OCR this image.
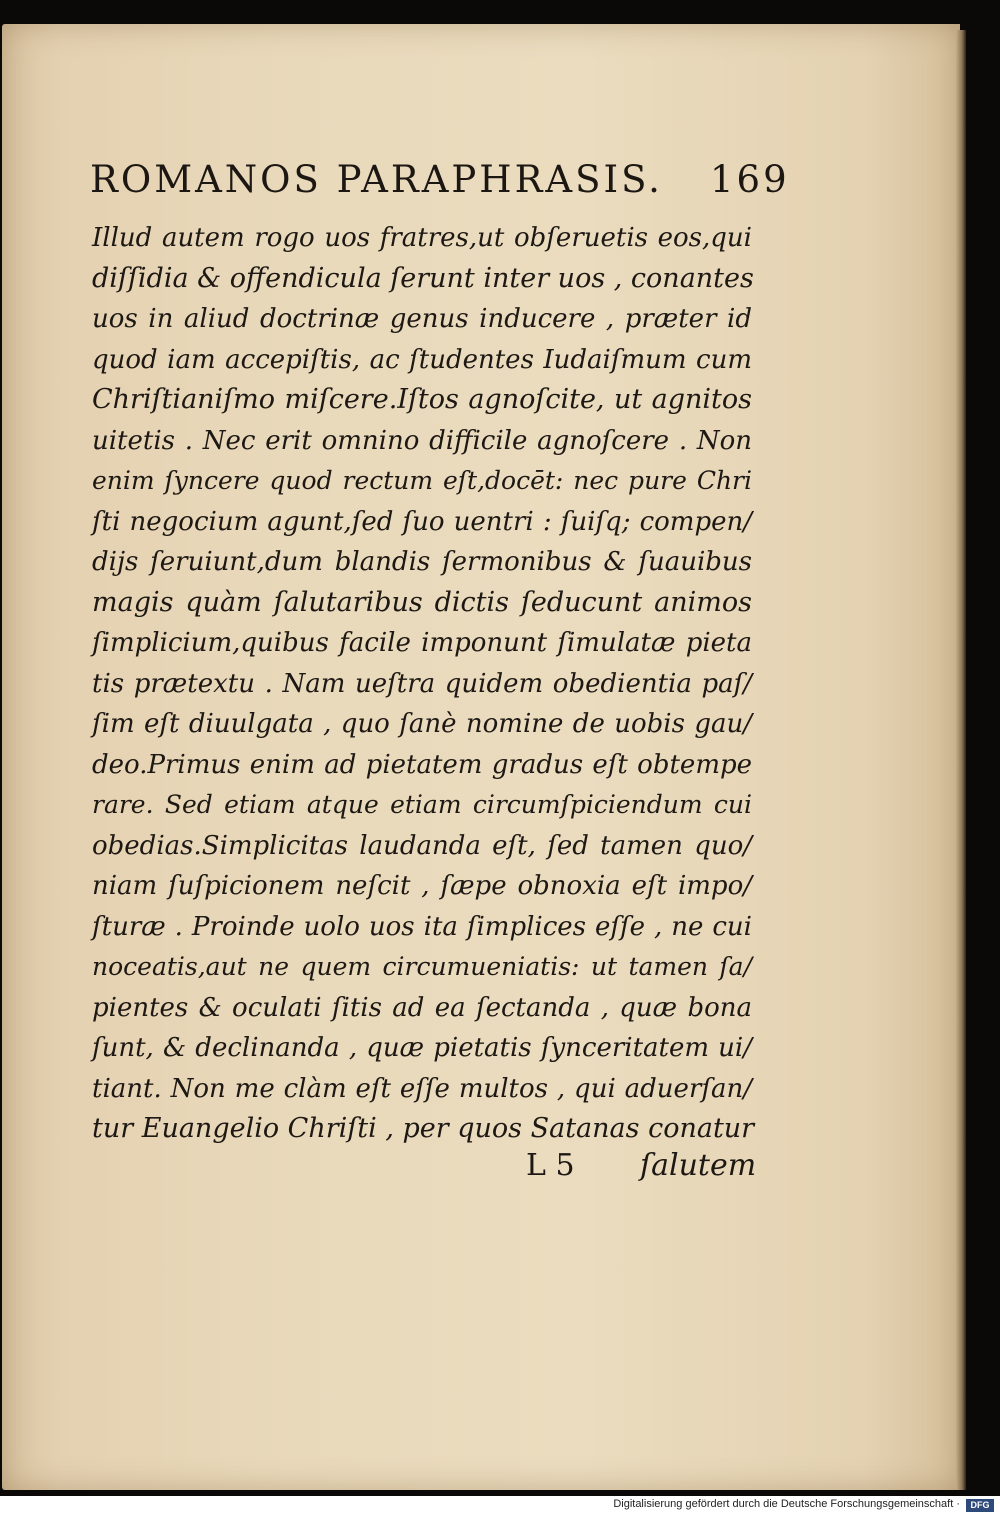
ROMANOS PARAPHRASIS. 169
Illud autem rogo uos fratres,ut obſeruetis eos,qui
diſſidia & offendicula ſerunt inter uos , conantes
uos in aliud doctrinæ genus inducere , præter id
quod iam accepiſtis, ac ſtudentes Iudaiſmum cum
Chriſtianiſmo miſcere.Iſtos agnoſcite, ut agnitos
uitetis . Nec erit omnino difficile agnoſcere . Non
enim ſyncere quod rectum eſt,docēt: nec pure Chri
ſti negocium agunt,ſed ſuo uentri : ſuiſq; compen/
dijs ſeruiunt,dum blandis ſermonibus & ſuauibus
magis quàm ſalutaribus dictis ſeducunt animos
ſimplicium,quibus facile imponunt ſimulatæ pieta
tis prætextu . Nam ueſtra quidem obedientia paſ/
ſim eſt diuulgata , quo ſanè nomine de uobis gau/
deo.Primus enim ad pietatem gradus eſt obtempe
rare. Sed etiam atque etiam circumſpiciendum cui
obedias.Simplicitas laudanda eſt, ſed tamen quo/
niam ſuſpicionem neſcit , ſæpe obnoxia eſt impo/
ſturæ . Proinde uolo uos ita ſimplices eſſe , ne cui
noceatis,aut ne quem circumueniatis: ut tamen ſa/
pientes & oculati ſitis ad ea ſectanda , quæ bona
ſunt, & declinanda , quæ pietatis ſynceritatem ui/
tiant. Non me clàm eſt eſſe multos , qui aduerſan/
tur Euangelio Chriſti , per quos Satanas conatur
L 5 ſalutem
Digitalisierung gefördert durch die Deutsche Forschungsgemeinschaft ·	DFG
